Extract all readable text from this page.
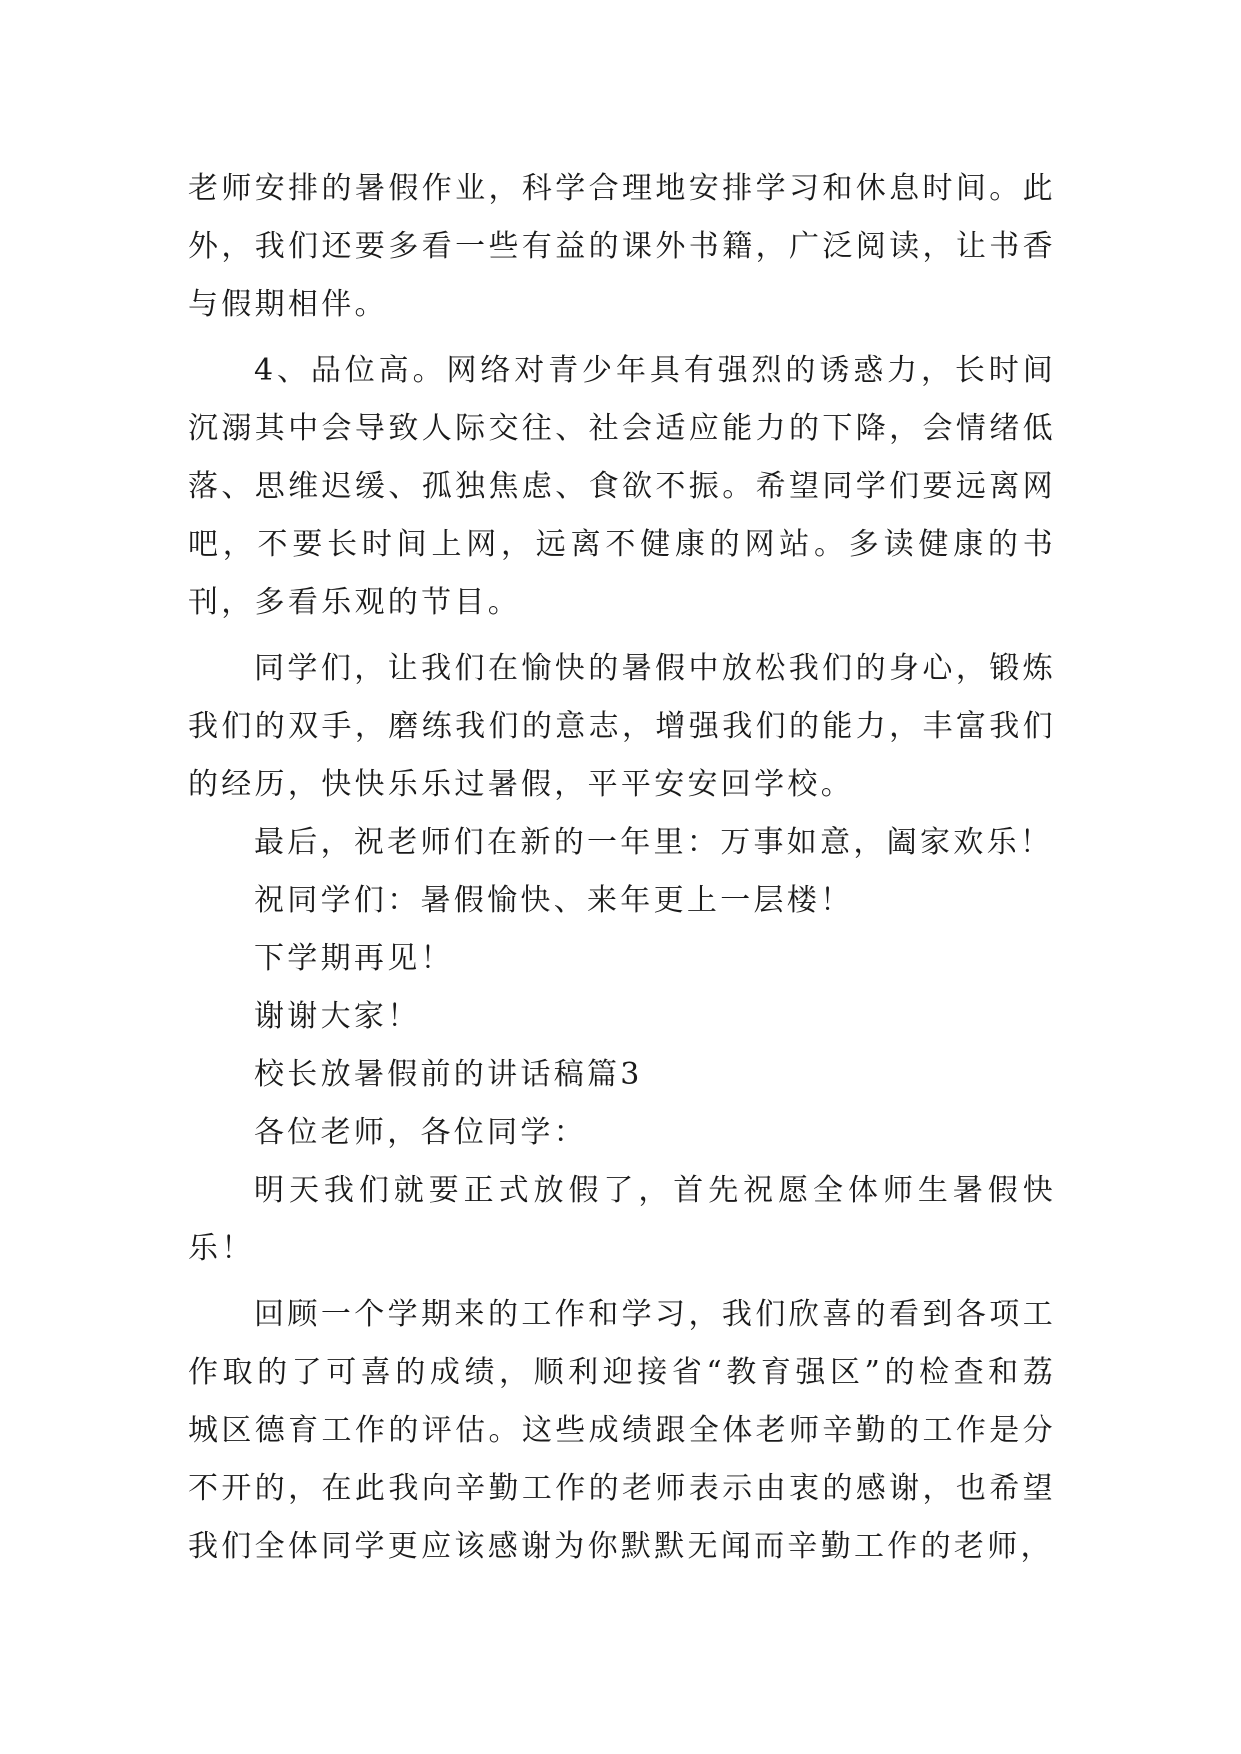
老师安排的暑假作业，科学合理地安排学习和休息时间。此外，我们还要多看一些有益的课外书籍，广泛阅读，让书香与假期相伴。

4、品位高。网络对青少年具有强烈的诱惑力，长时间沉溺其中会导致人际交往、社会适应能力的下降，会情绪低落、思维迟缓、孤独焦虑、食欲不振。希望同学们要远离网吧，不要长时间上网，远离不健康的网站。多读健康的书刊，多看乐观的节目。

同学们，让我们在愉快的暑假中放松我们的身心，锻炼我们的双手，磨练我们的意志，增强我们的能力，丰富我们的经历，快快乐乐过暑假，平平安安回学校。

最后，祝老师们在新的一年里：万事如意，阖家欢乐！

祝同学们：暑假愉快、来年更上一层楼！

下学期再见！

谢谢大家！

校长放暑假前的讲话稿篇3

各位老师，各位同学：

明天我们就要正式放假了，首先祝愿全体师生暑假快乐！

回顾一个学期来的工作和学习，我们欣喜的看到各项工作取的了可喜的成绩，顺利迎接省“教育强区”的检查和荔城区德育工作的评估。这些成绩跟全体老师辛勤的工作是分不开的，在此我向辛勤工作的老师表示由衷的感谢，也希望我们全体同学更应该感谢为你默默无闻而辛勤工作的老师，
